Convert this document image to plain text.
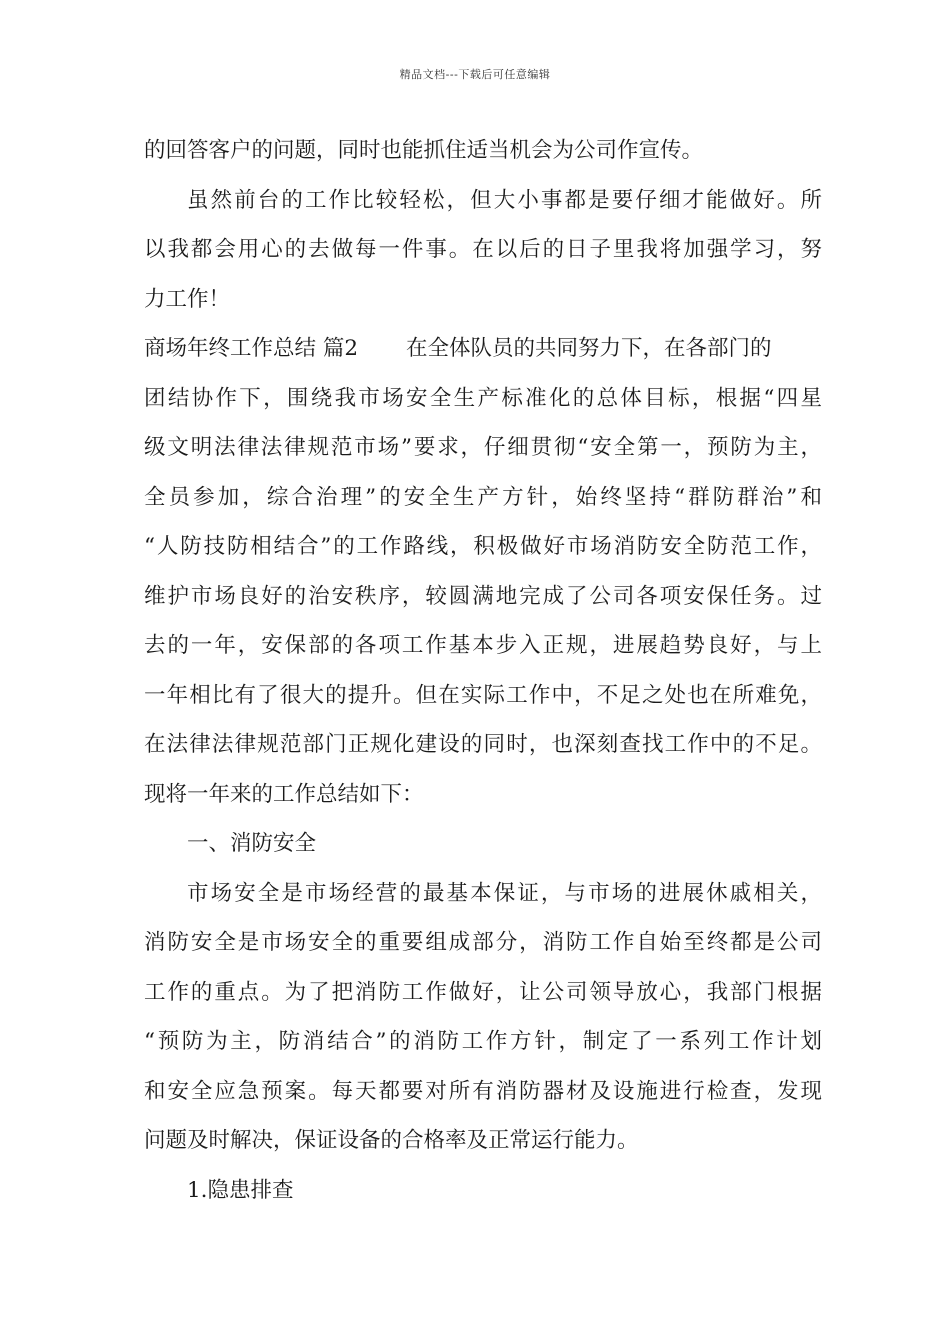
精品文档---下载后可任意编辑
的回答客户的问题，同时也能抓住适当机会为公司作宣传。
虽然前台的工作比较轻松，但大小事都是要仔细才能做好。所
以我都会用心的去做每一件事。在以后的日子里我将加强学习，努
力工作！
商场年终工作总结 篇2 在全体队员的共同努力下，在各部门的
团结协作下，围绕我市场安全生产标准化的总体目标，根据“四星
级文明法律法律规范市场”要求，仔细贯彻“安全第一，预防为主，
全员参加，综合治理”的安全生产方针，始终坚持“群防群治”和
“人防技防相结合”的工作路线，积极做好市场消防安全防范工作，
维护市场良好的治安秩序，较圆满地完成了公司各项安保任务。过
去的一年，安保部的各项工作基本步入正规，进展趋势良好，与上
一年相比有了很大的提升。但在实际工作中，不足之处也在所难免，
在法律法律规范部门正规化建设的同时，也深刻查找工作中的不足。
现将一年来的工作总结如下：
一、消防安全
市场安全是市场经营的最基本保证，与市场的进展休戚相关，
消防安全是市场安全的重要组成部分，消防工作自始至终都是公司
工作的重点。为了把消防工作做好，让公司领导放心，我部门根据
“预防为主，防消结合”的消防工作方针，制定了一系列工作计划
和安全应急预案。每天都要对所有消防器材及设施进行检查，发现
问题及时解决，保证设备的合格率及正常运行能力。
1.隐患排查
